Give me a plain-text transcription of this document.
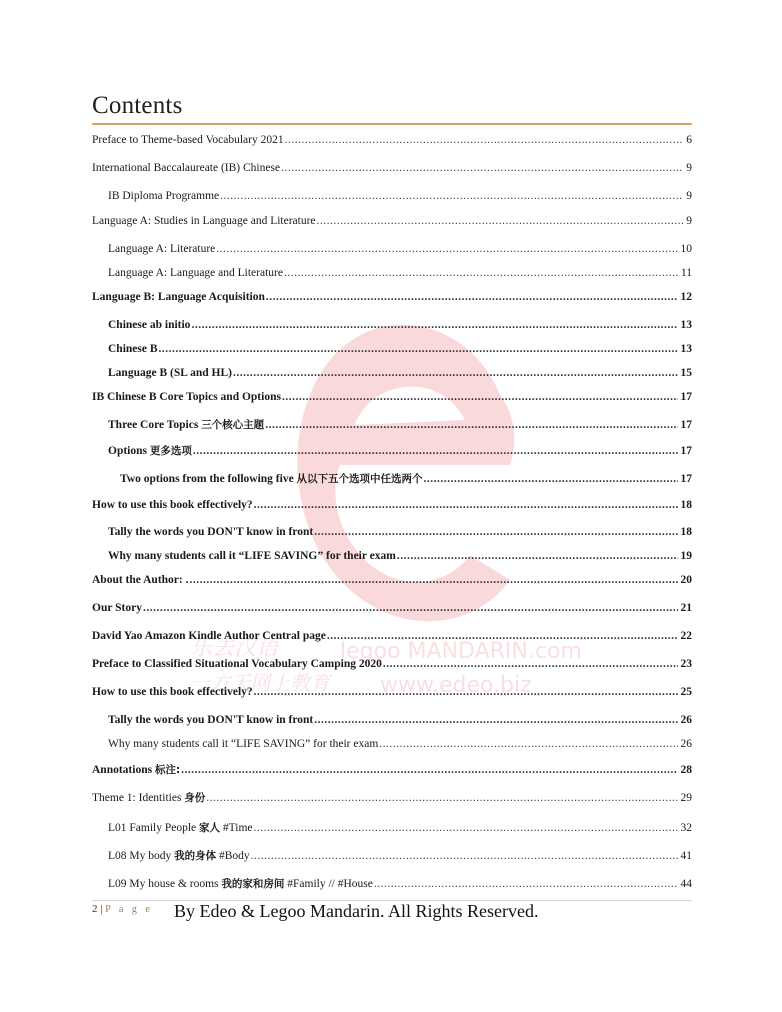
乐去汉语	legoo MANDARIN.com
一方天网上教育 www.edeo.biz
Contents
Preface to Theme-based Vocabulary 2021 .....	6
International Baccalaureate (IB) Chinese .....	9
IB Diploma Programme .....	9
Language A: Studies in Language and Literature .....	9
Language A: Literature .....	10
Language A: Language and Literature .....	11
Language B: Language Acquisition .....	12
Chinese ab initio .....	13
Chinese B .....	13
Language B (SL and HL) .....	15
IB Chinese B Core Topics and Options .....	17
Three Core Topics 三个核心主题 .....	17
Options 更多选项 .....	17
Two options from the following five 从以下五个选项中任选两个 .....	17
How to use this book effectively? .....	18
Tally the words you DON'T know in front .....	18
Why many students call it “LIFE SAVING” for their exam .....	19
About the Author: . .....	20
Our Story .....	21
David Yao Amazon Kindle Author Central page .....	22
Preface to Classified Situational Vocabulary Camping 2020 .....	23
How to use this book effectively? .....	25
Tally the words you DON'T know in front .....	26
Why many students call it “LIFE SAVING” for their exam .....	26
Annotations 标注: .....	28
Theme 1: Identities 身份 .....	29
L01 Family People 家人 #Time .....	32
L08 My body 我的身体 #Body .....	41
L09 My house & rooms 我的家和房间 #Family // #House .....	44
2 | P a g e By Edeo & Legoo Mandarin. All Rights Reserved.
